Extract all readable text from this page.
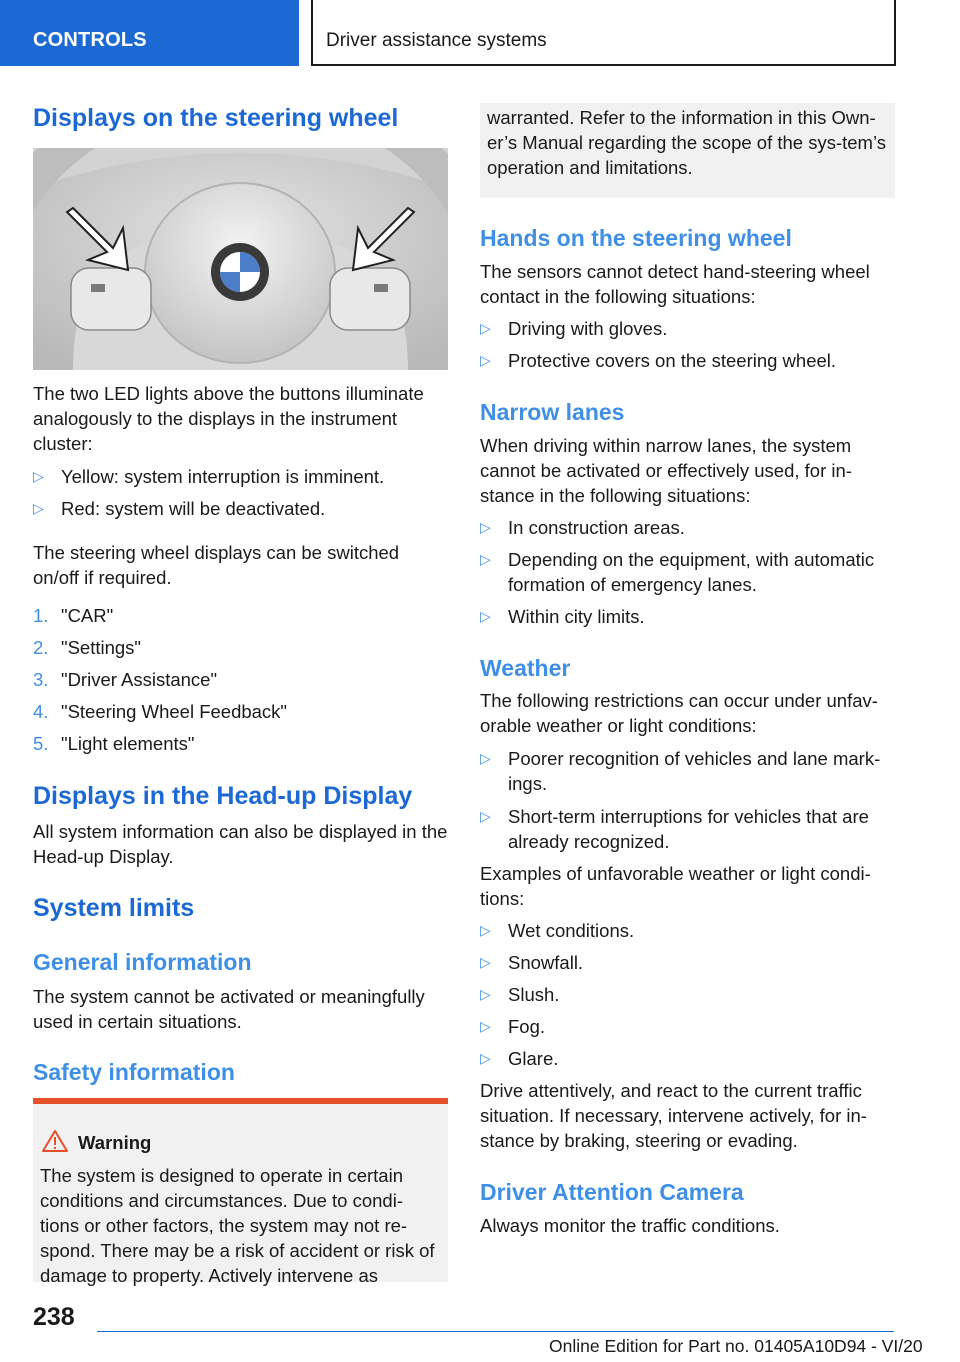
CONTROLS	Driver assistance systems
Displays on the steering wheel
The two LED lights above the buttons illuminate analogously to the displays in the instrument cluster:
▷ Yellow: system interruption is imminent.
▷ Red: system will be deactivated.
The steering wheel displays can be switched on/off if required.
1. "CAR"
2. "Settings"
3. "Driver Assistance"
4. "Steering Wheel Feedback"
5. "Light elements"
Displays in the Head-up Display
All system information can also be displayed in the Head-up Display.
System limits
General information
The system cannot be activated or meaningfully used in certain situations.
Safety information
Warning
The system is designed to operate in certain conditions and circumstances. Due to condi-tions or other factors, the system may not re-spond. There may be a risk of accident or risk of damage to property. Actively intervene as
warranted. Refer to the information in this Own-er’s Manual regarding the scope of the sys-tem’s operation and limitations.
Hands on the steering wheel
The sensors cannot detect hand-steering wheel contact in the following situations:
▷ Driving with gloves.
▷ Protective covers on the steering wheel.
Narrow lanes
When driving within narrow lanes, the system cannot be activated or effectively used, for in-stance in the following situations:
▷ In construction areas.
▷ Depending on the equipment, with automatic formation of emergency lanes.
▷ Within city limits.
Weather
The following restrictions can occur under unfav-orable weather or light conditions:
▷ Poorer recognition of vehicles and lane mark-ings.
▷ Short-term interruptions for vehicles that are already recognized.
Examples of unfavorable weather or light condi-tions:
▷ Wet conditions.
▷ Snowfall.
▷ Slush.
▷ Fog.
▷ Glare.
Drive attentively, and react to the current traffic situation. If necessary, intervene actively, for in-stance by braking, steering or evading.
Driver Attention Camera
Always monitor the traffic conditions.
238
Online Edition for Part no. 01405A10D94 - VI/20
